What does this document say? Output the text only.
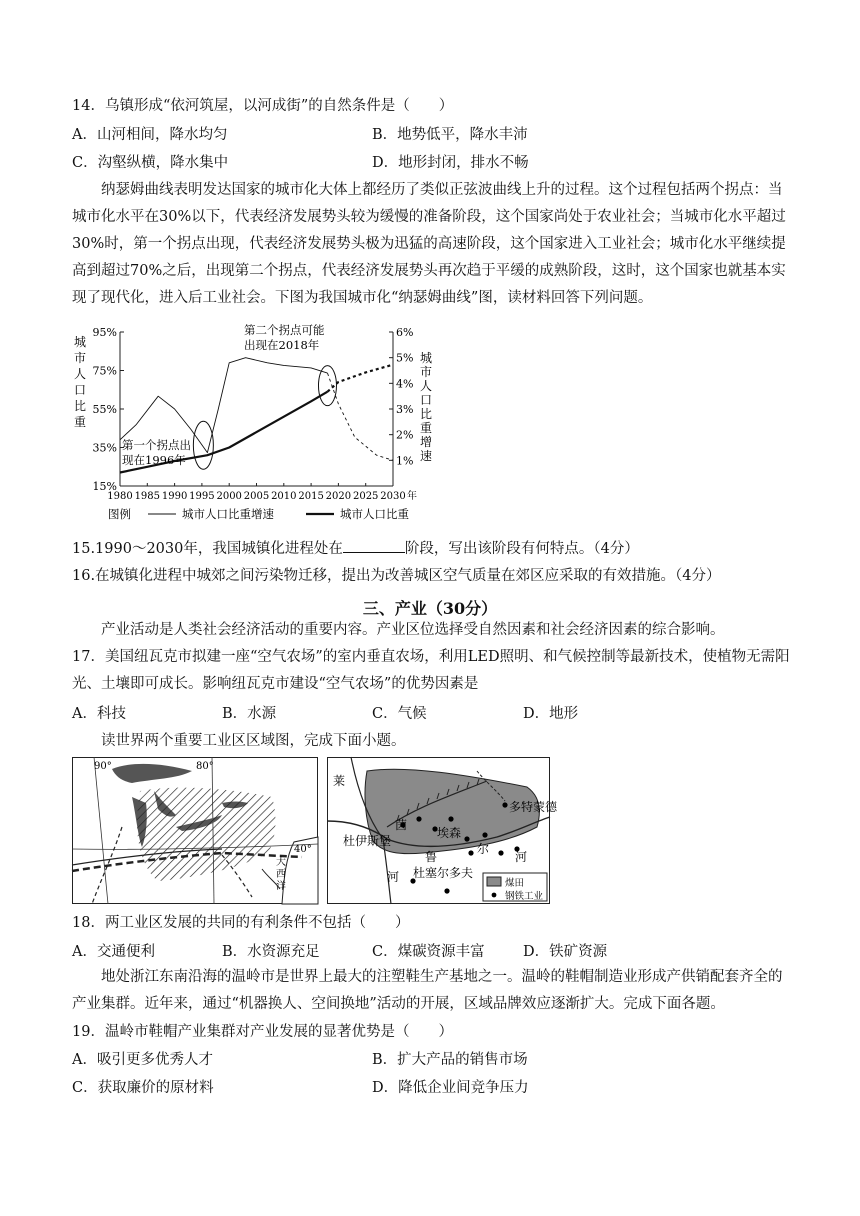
14．乌镇形成“依河筑屋，以河成街”的自然条件是（　　）
A．山河相间，降水均匀	B．地势低平，降水丰沛
C．沟壑纵横，降水集中	D．地形封闭，排水不畅
纳瑟姆曲线表明发达国家的城市化大体上都经历了类似正弦波曲线上升的过程。这个过程包括两个拐点：当城市化水平在30%以下，代表经济发展势头较为缓慢的准备阶段，这个国家尚处于农业社会；当城市化水平超过30%时，第一个拐点出现，代表经济发展势头极为迅猛的高速阶段，这个国家进入工业社会；城市化水平继续提高到超过70%之后，出现第二个拐点，代表经济发展势头再次趋于平缓的成熟阶段，这时，这个国家也就基本实现了现代化，进入后工业社会。下图为我国城市化“纳瑟姆曲线”图，读材料回答下列问题。
95%
75%
55%
35%
15%
6%
5%
4%
3%
2%
1%
1980 1985 1990 1995 2000 2005 2010 2015 2020 2025 2030 年
城
市
人
口
比
重
城
市
人
口
比
重
增
速
第一个拐点出
现在1996年
第二个拐点可能
出现在2018年
图例	城市人口比重增速	城市人口比重
15.1990～2030年，我国城镇化进程处在	阶段，写出该阶段有何特点。（4分）
16.在城镇化进程中城郊之间污染物迁移，提出为改善城区空气质量在郊区应采取的有效措施。（4分）
三、产业（30分）
产业活动是人类社会经济活动的重要内容。产业区位选择受自然因素和社会经济因素的综合影响。
17．美国纽瓦克市拟建一座“空气农场”的室内垂直农场，利用LED照明、和气候控制等最新技术，使植物无需阳光、土壤即可成长。影响纽瓦克市建设“空气农场”的优势因素是
A．科技	B．水源	C．气候	D．地形
读世界两个重要工业区区域图，完成下面小题。
90°	80°
40°
大
西
洋
莱
茵
杜伊斯堡
埃森
多特蒙德
鲁
尔
河
河 杜塞尔多夫
煤田
钢铁工业
18．两工业区发展的共同的有利条件不包括（　　）
A．交通便利	B．水资源充足	C．煤碳资源丰富	D．铁矿资源
地处浙江东南沿海的温岭市是世界上最大的注塑鞋生产基地之一。温岭的鞋帽制造业形成产供销配套齐全的产业集群。近年来，通过“机器换人、空间换地”活动的开展，区域品牌效应逐渐扩大。完成下面各题。
19．温岭市鞋帽产业集群对产业发展的显著优势是（　　）
A．吸引更多优秀人才	B．扩大产品的销售市场
C．获取廉价的原材料	D．降低企业间竞争压力
